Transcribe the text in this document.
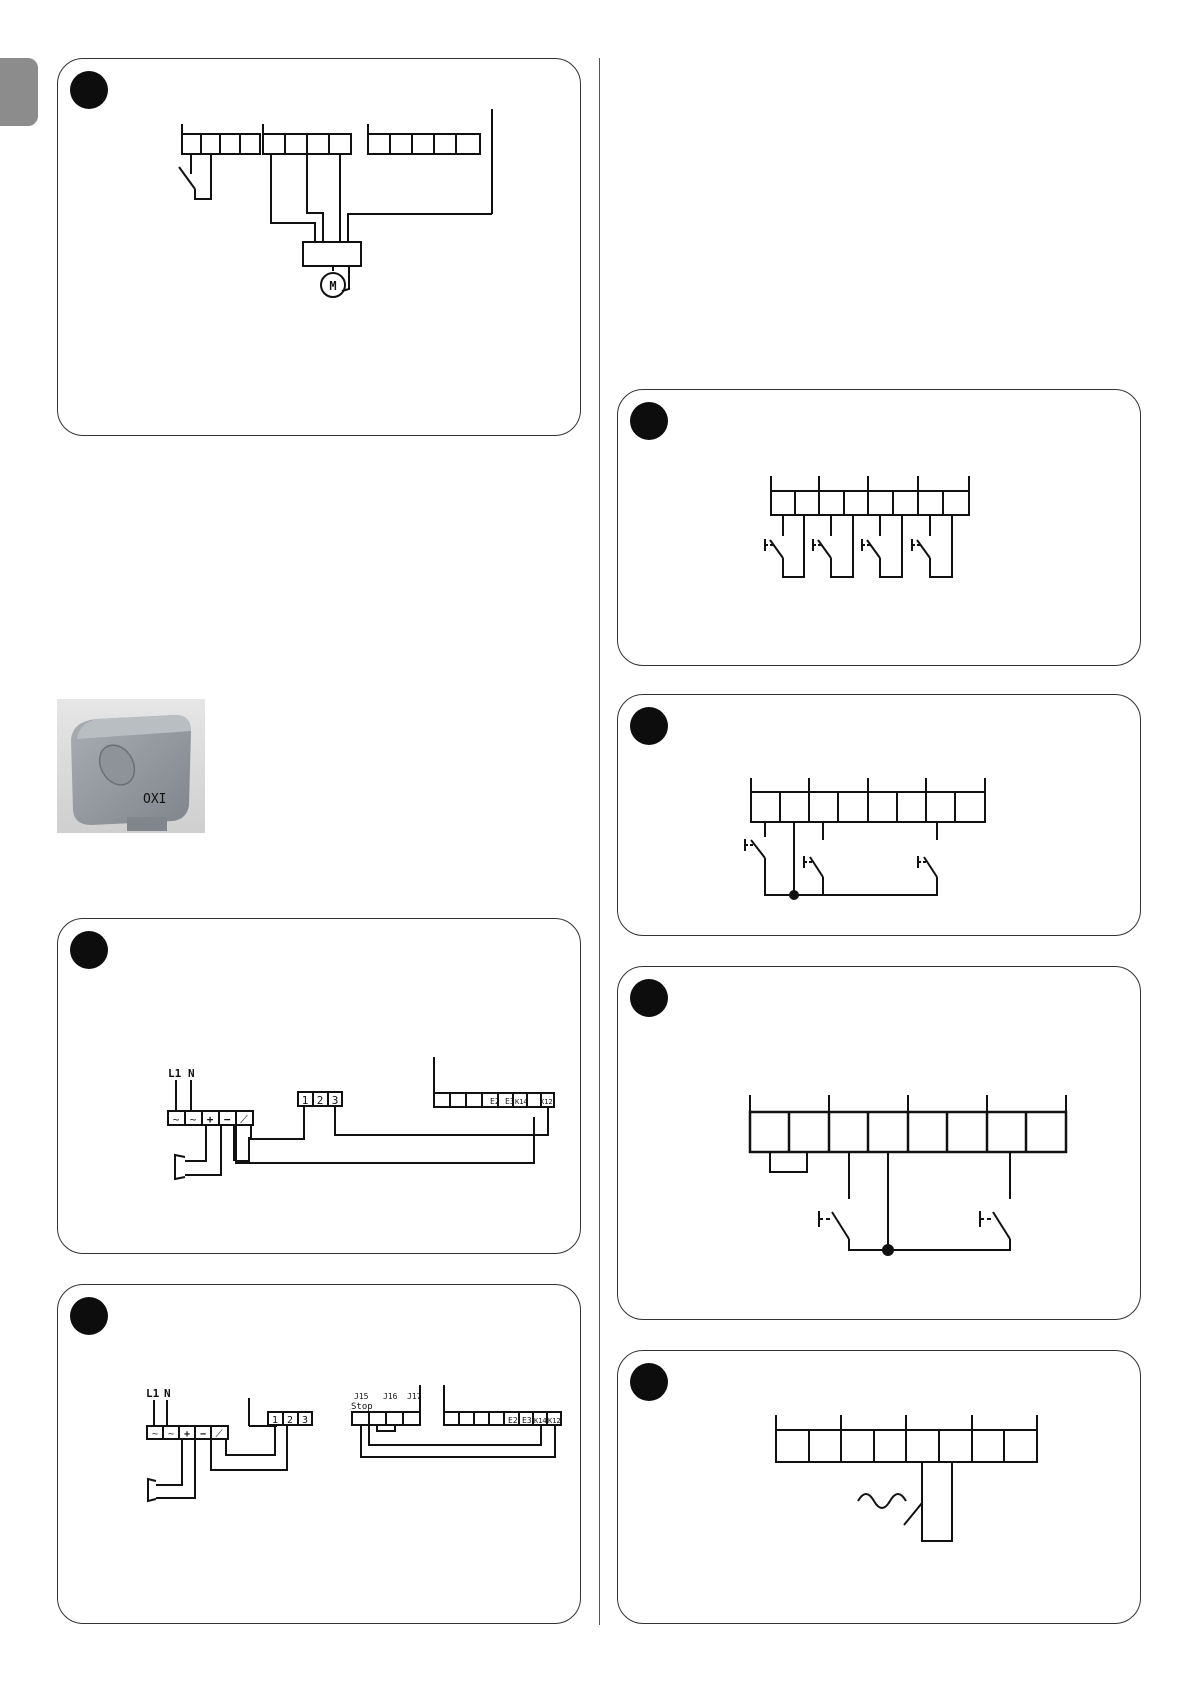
M
OXI
L1 N
~ ~ + − ⟋
1 2 3	E2 E3 K14 K12
L1 N
~ ~ + − ⟋
1 2 3
J15 J16 J17
Stop
E2 E3 K14 K12
